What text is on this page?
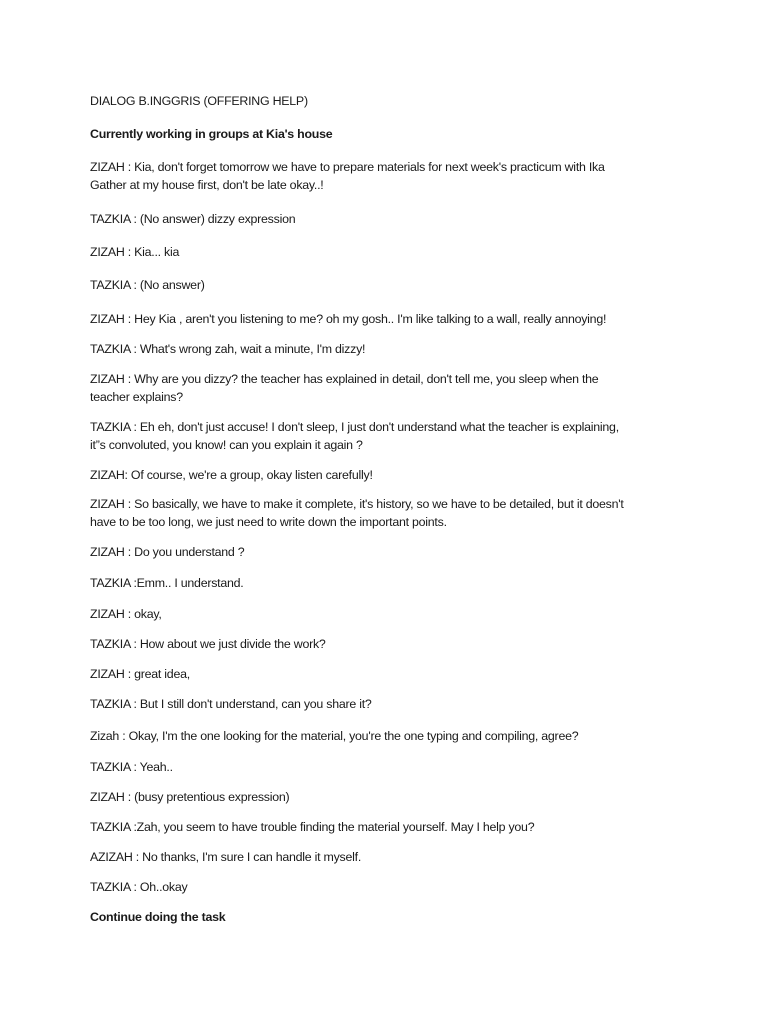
DIALOG B.INGGRIS (OFFERING HELP)
Currently working in groups at Kia's house
ZIZAH : Kia, don't forget tomorrow we have to prepare materials for next week's practicum with Ika
Gather at my house first, don't be late okay..!
TAZKIA : (No answer) dizzy expression
ZIZAH : Kia... kia
TAZKIA : (No answer)
ZIZAH : Hey Kia , aren't you listening to me? oh my gosh.. I'm like talking to a wall, really annoying!
TAZKIA : What's wrong zah, wait a minute, I'm dizzy!
ZIZAH : Why are you dizzy? the teacher has explained in detail, don't tell me, you sleep when the
teacher explains?
TAZKIA : Eh eh, don't just accuse! I don't sleep, I just don't understand what the teacher is explaining,
it”s convoluted, you know! can you explain it again ?
ZIZAH: Of course, we're a group, okay listen carefully!
ZIZAH : So basically, we have to make it complete, it's history, so we have to be detailed, but it doesn't
have to be too long, we just need to write down the important points.
ZIZAH : Do you understand ?
TAZKIA :Emm.. I understand.
ZIZAH : okay,
TAZKIA : How about we just divide the work?
ZIZAH : great idea,
TAZKIA : But I still don't understand, can you share it?
Zizah : Okay, I'm the one looking for the material, you're the one typing and compiling, agree?
TAZKIA : Yeah..
ZIZAH : (busy pretentious expression)
TAZKIA :Zah, you seem to have trouble finding the material yourself. May I help you?
AZIZAH : No thanks, I'm sure I can handle it myself.
TAZKIA : Oh..okay
Continue doing the task
